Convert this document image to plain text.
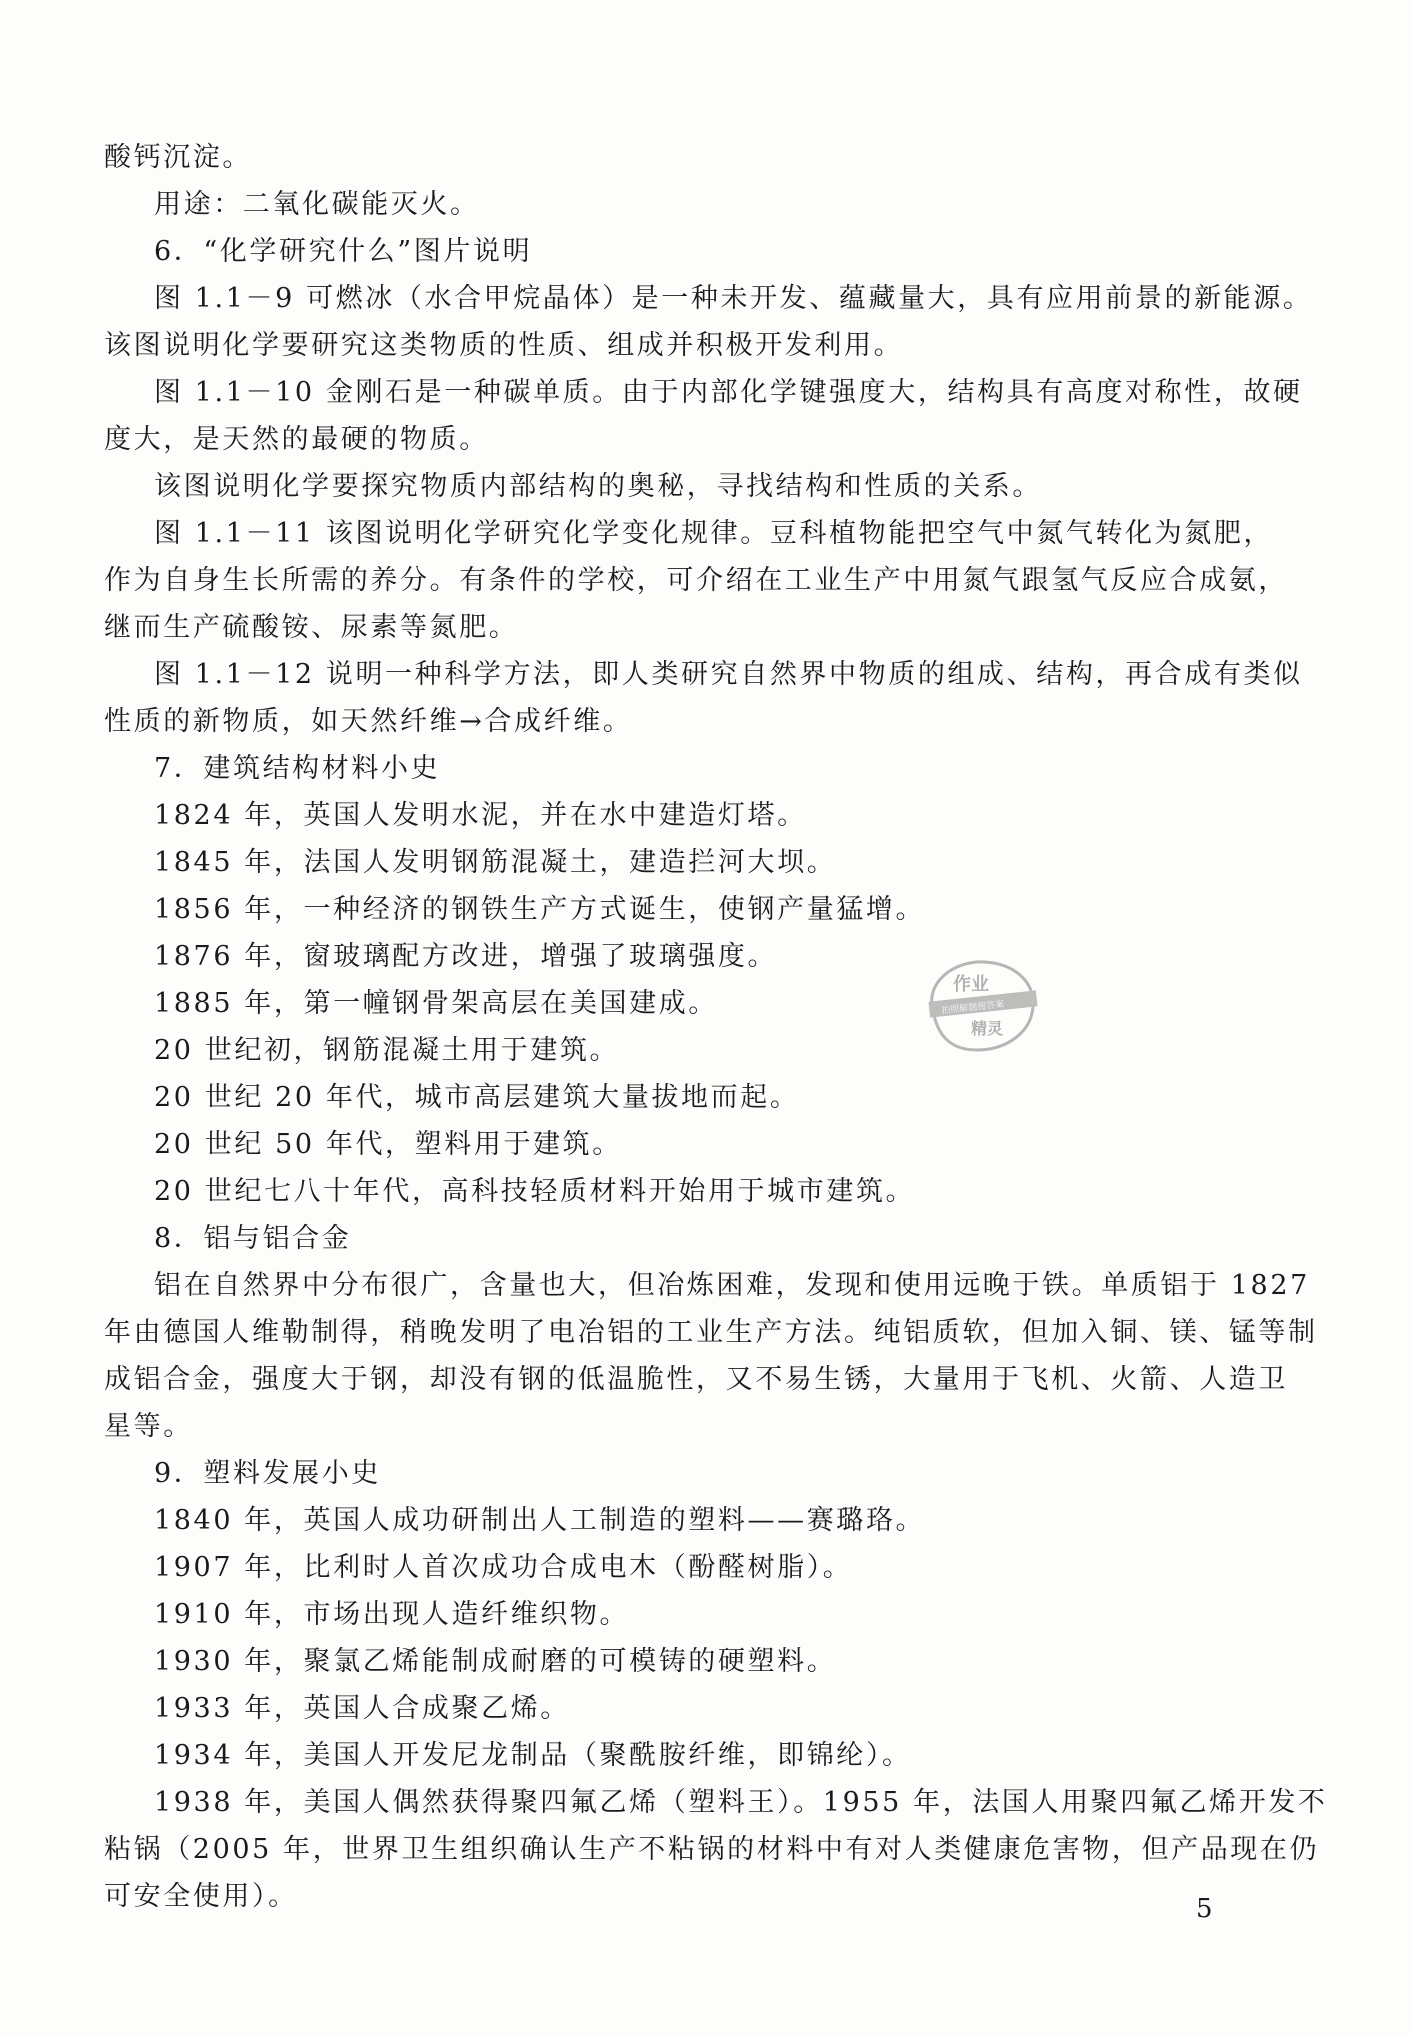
酸钙沉淀。
用途：二氧化碳能灭火。
6．“化学研究什么”图片说明
图 1.1－9 可燃冰（水合甲烷晶体）是一种未开发、蕴藏量大，具有应用前景的新能源。
该图说明化学要研究这类物质的性质、组成并积极开发利用。
图 1.1－10 金刚石是一种碳单质。由于内部化学键强度大，结构具有高度对称性，故硬
度大，是天然的最硬的物质。
该图说明化学要探究物质内部结构的奥秘，寻找结构和性质的关系。
图 1.1－11 该图说明化学研究化学变化规律。豆科植物能把空气中氮气转化为氮肥，
作为自身生长所需的养分。有条件的学校，可介绍在工业生产中用氮气跟氢气反应合成氨，
继而生产硫酸铵、尿素等氮肥。
图 1.1－12 说明一种科学方法，即人类研究自然界中物质的组成、结构，再合成有类似
性质的新物质，如天然纤维→合成纤维。
7．建筑结构材料小史
1824 年，英国人发明水泥，并在水中建造灯塔。
1845 年，法国人发明钢筋混凝土，建造拦河大坝。
1856 年，一种经济的钢铁生产方式诞生，使钢产量猛增。
1876 年，窗玻璃配方改进，增强了玻璃强度。
1885 年，第一幢钢骨架高层在美国建成。
20 世纪初，钢筋混凝土用于建筑。
20 世纪 20 年代，城市高层建筑大量拔地而起。
20 世纪 50 年代，塑料用于建筑。
20 世纪七八十年代，高科技轻质材料开始用于城市建筑。
8．铝与铝合金
铝在自然界中分布很广，含量也大，但冶炼困难，发现和使用远晚于铁。单质铝于 1827
年由德国人维勒制得，稍晚发明了电冶铝的工业生产方法。纯铝质软，但加入铜、镁、锰等制
成铝合金，强度大于钢，却没有钢的低温脆性，又不易生锈，大量用于飞机、火箭、人造卫
星等。
9．塑料发展小史
1840 年，英国人成功研制出人工制造的塑料——赛璐珞。
1907 年，比利时人首次成功合成电木（酚醛树脂）。
1910 年，市场出现人造纤维织物。
1930 年，聚氯乙烯能制成耐磨的可模铸的硬塑料。
1933 年，英国人合成聚乙烯。
1934 年，美国人开发尼龙制品（聚酰胺纤维，即锦纶）。
1938 年，美国人偶然获得聚四氟乙烯（塑料王）。1955 年，法国人用聚四氟乙烯开发不
粘锅（2005 年，世界卫生组织确认生产不粘锅的材料中有对人类健康危害物，但产品现在仍
可安全使用）。
作业
精灵
拍照解题搜答案
5
